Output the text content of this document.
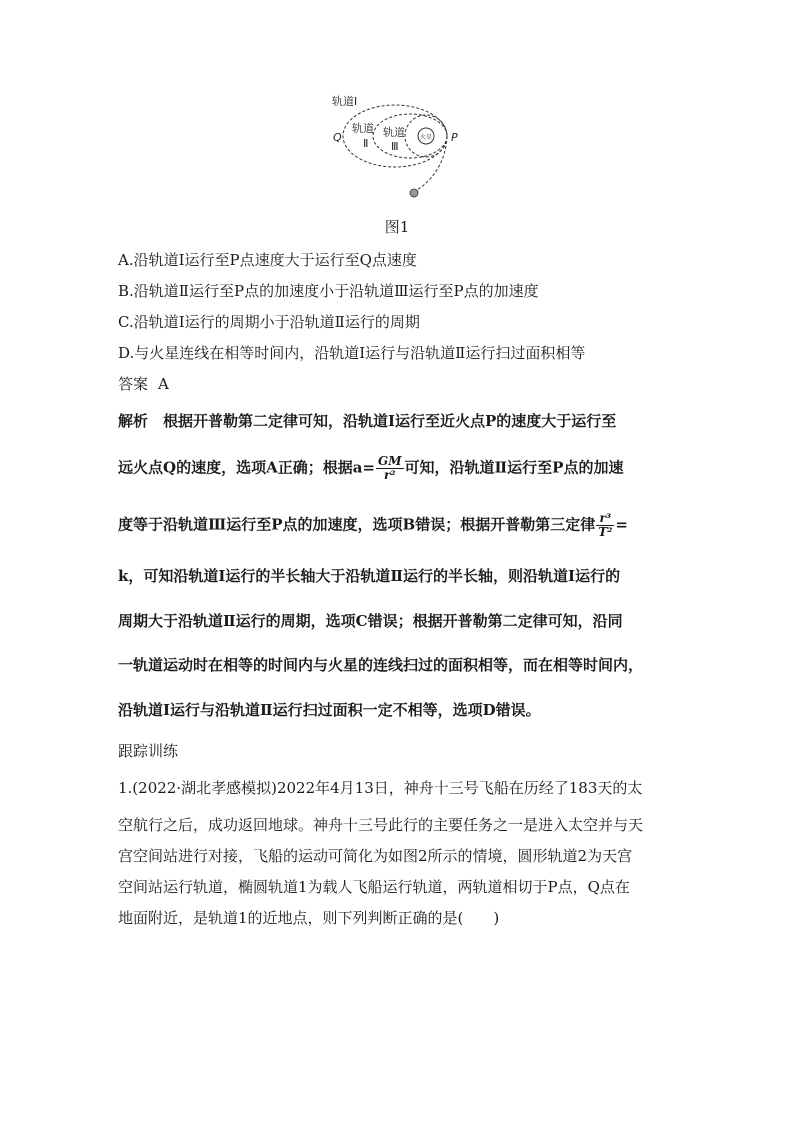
火星
轨道Ⅰ
轨道
Ⅱ
轨道
Ⅲ
Q	P
图1
A.沿轨道Ⅰ运行至P点速度大于运行至Q点速度
B.沿轨道Ⅱ运行至P点的加速度小于沿轨道Ⅲ运行至P点的加速度
C.沿轨道Ⅰ运行的周期小于沿轨道Ⅱ运行的周期
D.与火星连线在相等时间内，沿轨道Ⅰ运行与沿轨道Ⅱ运行扫过面积相等
答案 A
解析　根据开普勒第二定律可知，沿轨道Ⅰ运行至近火点P的速度大于运行至
远火点Q的速度，选项A正确；根据$a= \frac{GM}{\text{r²}}$ 可知，沿轨道Ⅱ运行至P点的加速
度等于沿轨道Ⅲ运行至P点的加速度，选项B错误；根据开普勒第三定律 $\frac{\text{r³}}{\text{T²}}$ =
k，可知沿轨道Ⅰ运行的半长轴大于沿轨道Ⅱ运行的半长轴，则沿轨道Ⅰ运行的
周期大于沿轨道Ⅱ运行的周期，选项C错误；根据开普勒第二定律可知，沿同
一轨道运动时在相等的时间内与火星的连线扫过的面积相等，而在相等时间内，
沿轨道Ⅰ运行与沿轨道Ⅱ运行扫过面积一定不相等，选项D错误。
跟踪训练
1.(2022·湖北孝感模拟)2022年4月13日，神舟十三号飞船在历经了183天的太
空航行之后，成功返回地球。神舟十三号此行的主要任务之一是进入太空并与天
宫空间站进行对接，飞船的运动可简化为如图2所示的情境，圆形轨道2为天宫
空间站运行轨道，椭圆轨道1为载人飞船运行轨道，两轨道相切于P点，Q点在
地面附近，是轨道1的近地点，则下列判断正确的是(　　)
